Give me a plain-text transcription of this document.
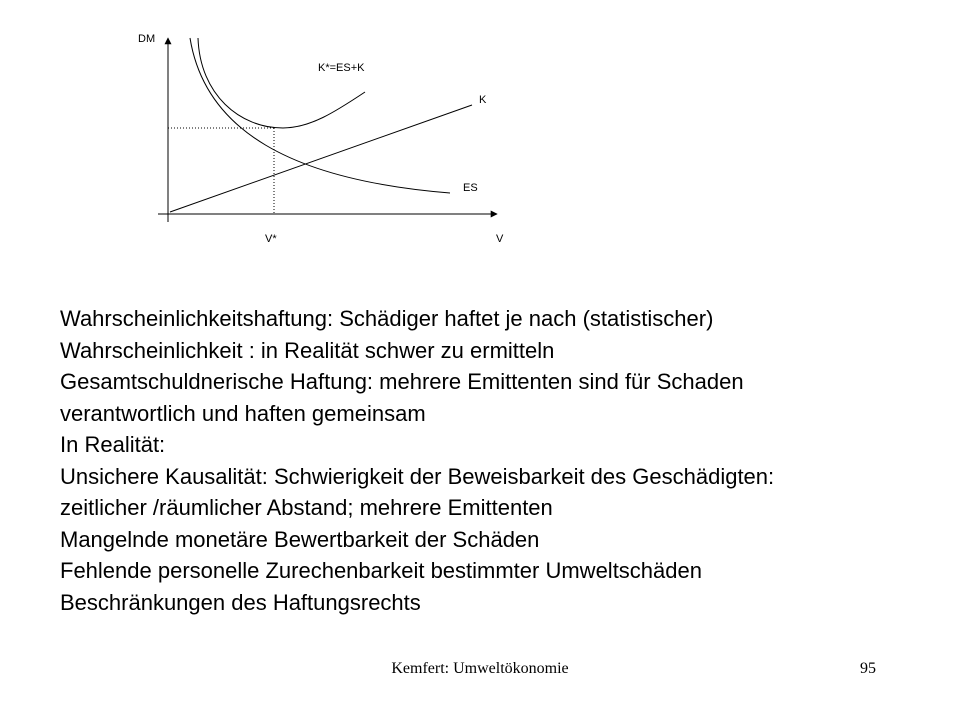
DM
K*=ES+K
K
ES
V*	V
Wahrscheinlichkeitshaftung: Schädiger haftet je nach (statistischer)
Wahrscheinlichkeit : in Realität schwer zu ermitteln
Gesamtschuldnerische Haftung: mehrere Emittenten sind für Schaden
verantwortlich und haften gemeinsam
In Realität:
Unsichere Kausalität: Schwierigkeit der Beweisbarkeit des Geschädigten:
zeitlicher /räumlicher Abstand; mehrere Emittenten
Mangelnde monetäre Bewertbarkeit der Schäden
Fehlende personelle Zurechenbarkeit bestimmter Umweltschäden
Beschränkungen des Haftungsrechts
Kemfert: Umweltökonomie	95
